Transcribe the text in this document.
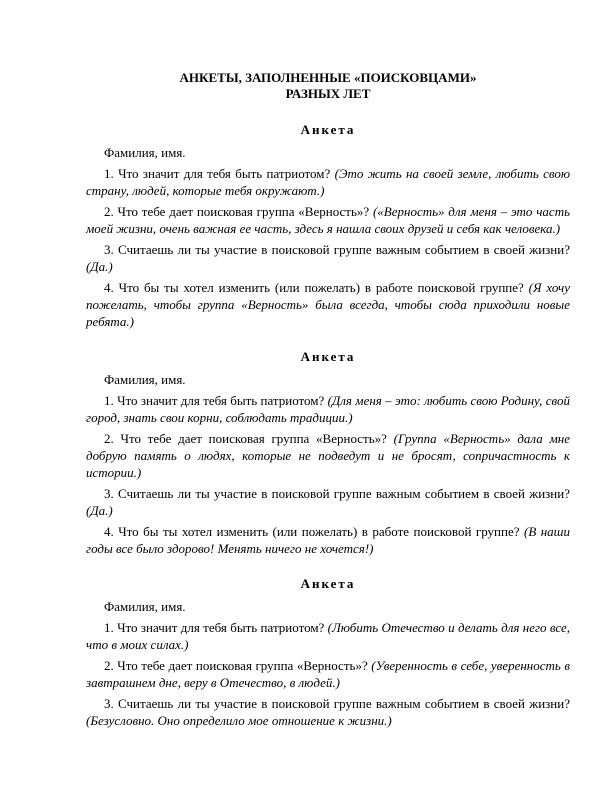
АНКЕТЫ, ЗАПОЛНЕННЫЕ «ПОИСКОВЦАМИ»
РАЗНЫХ ЛЕТ
Анкета
Фамилия, имя.

1. Что значит для тебя быть патриотом? (Это жить на своей земле, любить свою страну, людей, которые тебя окружают.)

2. Что тебе дает поисковая группа «Верность»? («Верность» для меня – это часть моей жизни, очень важная ее часть, здесь я нашла своих друзей и себя как человека.)

3. Считаешь ли ты участие в поисковой группе важным событием в своей жизни? (Да.)

4. Что бы ты хотел изменить (или пожелать) в работе поисковой группе? (Я хочу пожелать, чтобы группа «Верность» была всегда, чтобы сюда приходили новые ребята.)

Анкета
Фамилия, имя.

1. Что значит для тебя быть патриотом? (Для меня – это: любить свою Родину, свой город, знать свои корни, соблюдать традиции.)

2. Что тебе дает поисковая группа «Верность»? (Группа «Верность» дала мне добрую память о людях, которые не подведут и не бросят, сопричастность к истории.)

3. Считаешь ли ты участие в поисковой группе важным событием в своей жизни? (Да.)

4. Что бы ты хотел изменить (или пожелать) в работе поисковой группе? (В наши годы все было здорово! Менять ничего не хочется!)

Анкета
Фамилия, имя.

1. Что значит для тебя быть патриотом? (Любить Отечество и делать для него все, что в моих силах.)

2. Что тебе дает поисковая группа «Верность»? (Уверенность в себе, уверенность в завтрашнем дне, веру в Отечество, в людей.)

3. Считаешь ли ты участие в поисковой группе важным событием в своей жизни? (Безусловно. Оно определило мое отношение к жизни.)
